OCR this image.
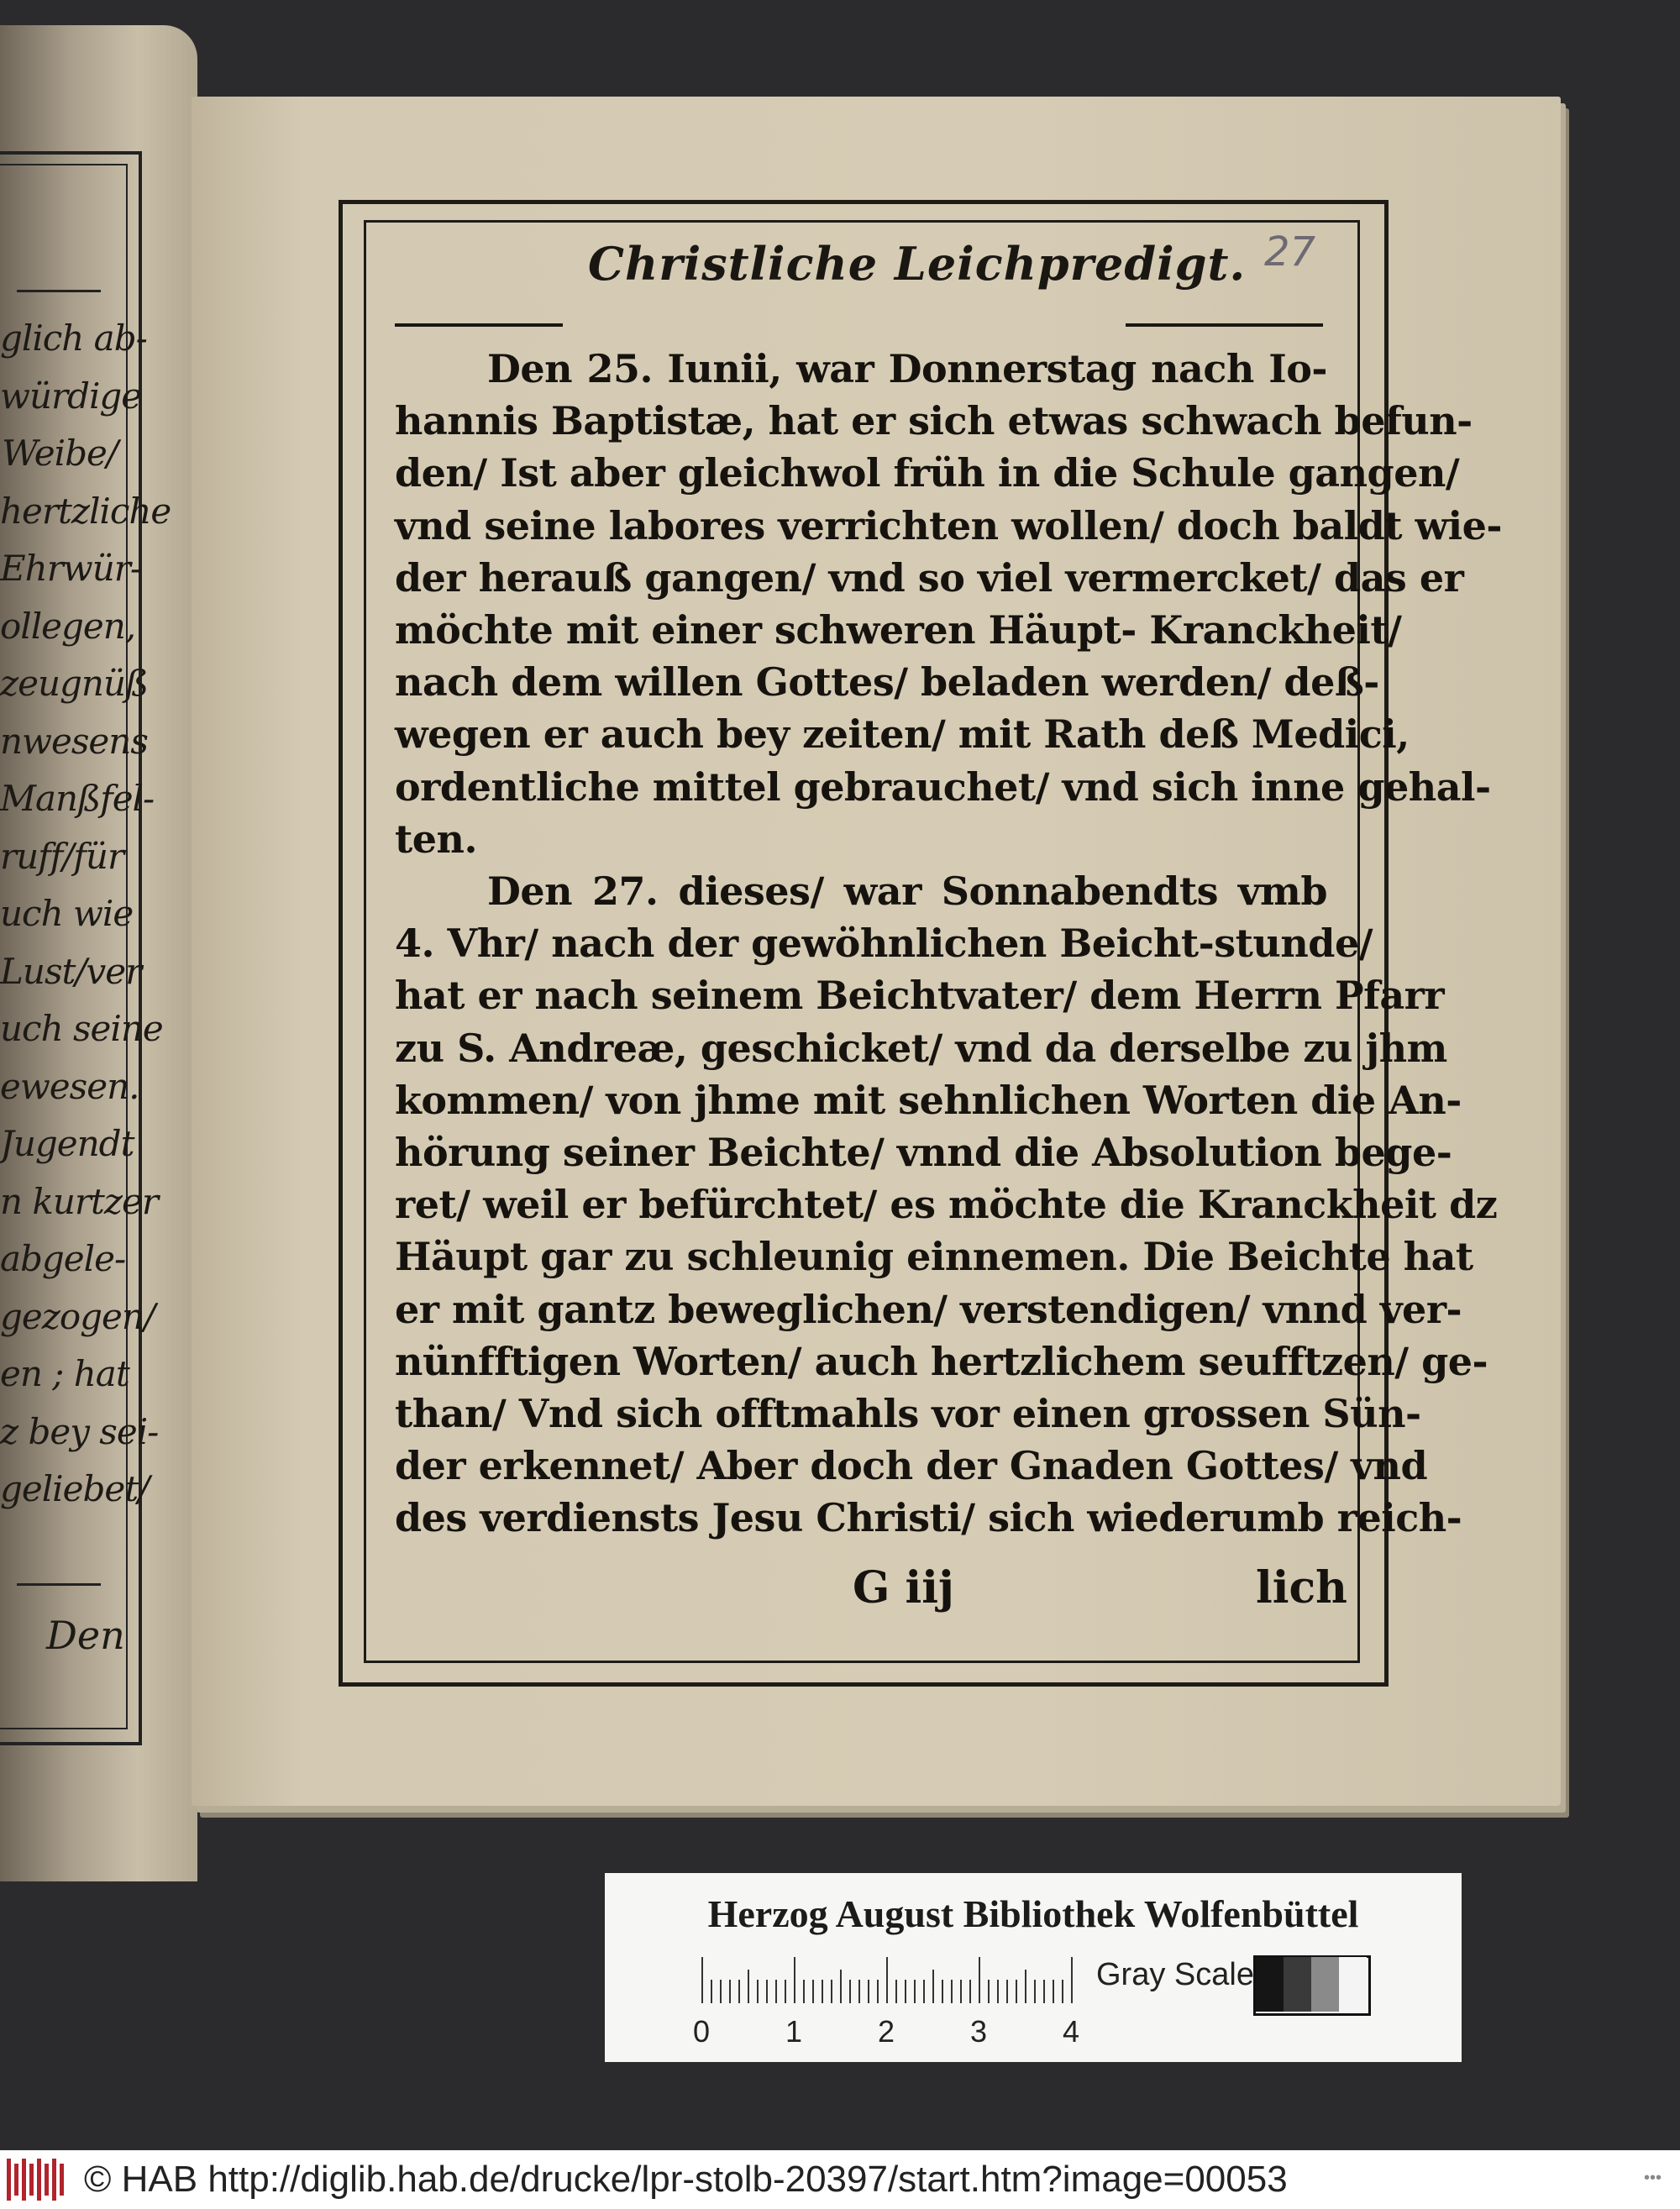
glich ab-
würdige
Weibe/
hertzliche
Ehrwür-
ollegen,
zeugnüß
nwesens
Manßfel-
ruff/für
uch wie
Lust/ver
uch seine
ewesen.
Jugendt
n kurtzer
abgele-
gezogen/
en ; hat
z bey sei-
geliebet/
Den
Christliche Leichpredigt. 27
Den 25. Iunii, war Donnerstag nach Io-
hannis Baptistæ, hat er sich etwas schwach befun-
den/ Ist aber gleichwol früh in die Schule gangen/
vnd seine labores verrichten wollen/ doch baldt wie-
der herauß gangen/ vnd so viel vermercket/ das er
möchte mit einer schweren Häupt- Kranckheit/
nach dem willen Gottes/ beladen werden/ deß-
wegen er auch bey zeiten/ mit Rath deß Medici,
ordentliche mittel gebrauchet/ vnd sich inne gehal-
ten.
Den 27. dieses/ war Sonnabendts vmb
4. Vhr/ nach der gewöhnlichen Beicht-stunde/
hat er nach seinem Beichtvater/ dem Herrn Pfarr
zu S. Andreæ, geschicket/ vnd da derselbe zu jhm
kommen/ von jhme mit sehnlichen Worten die An-
hörung seiner Beichte/ vnnd die Absolution bege-
ret/ weil er befürchtet/ es möchte die Kranckheit dz
Häupt gar zu schleunig einnemen. Die Beichte hat
er mit gantz beweglichen/ verstendigen/ vnnd ver-
nünfftigen Worten/ auch hertzlichem seufftzen/ ge-
than/ Vnd sich offtmahls vor einen grossen Sün-
der erkennet/ Aber doch der Gnaden Gottes/ vnd
des verdiensts Jesu Christi/ sich wiederumb reich-
G iij	lich
Herzog August Bibliothek Wolfenbüttel
0 1 2 3 4
Gray Scale
© HAB http://diglib.hab.de/drucke/lpr-stolb-20397/start.htm?image=00053	•••
